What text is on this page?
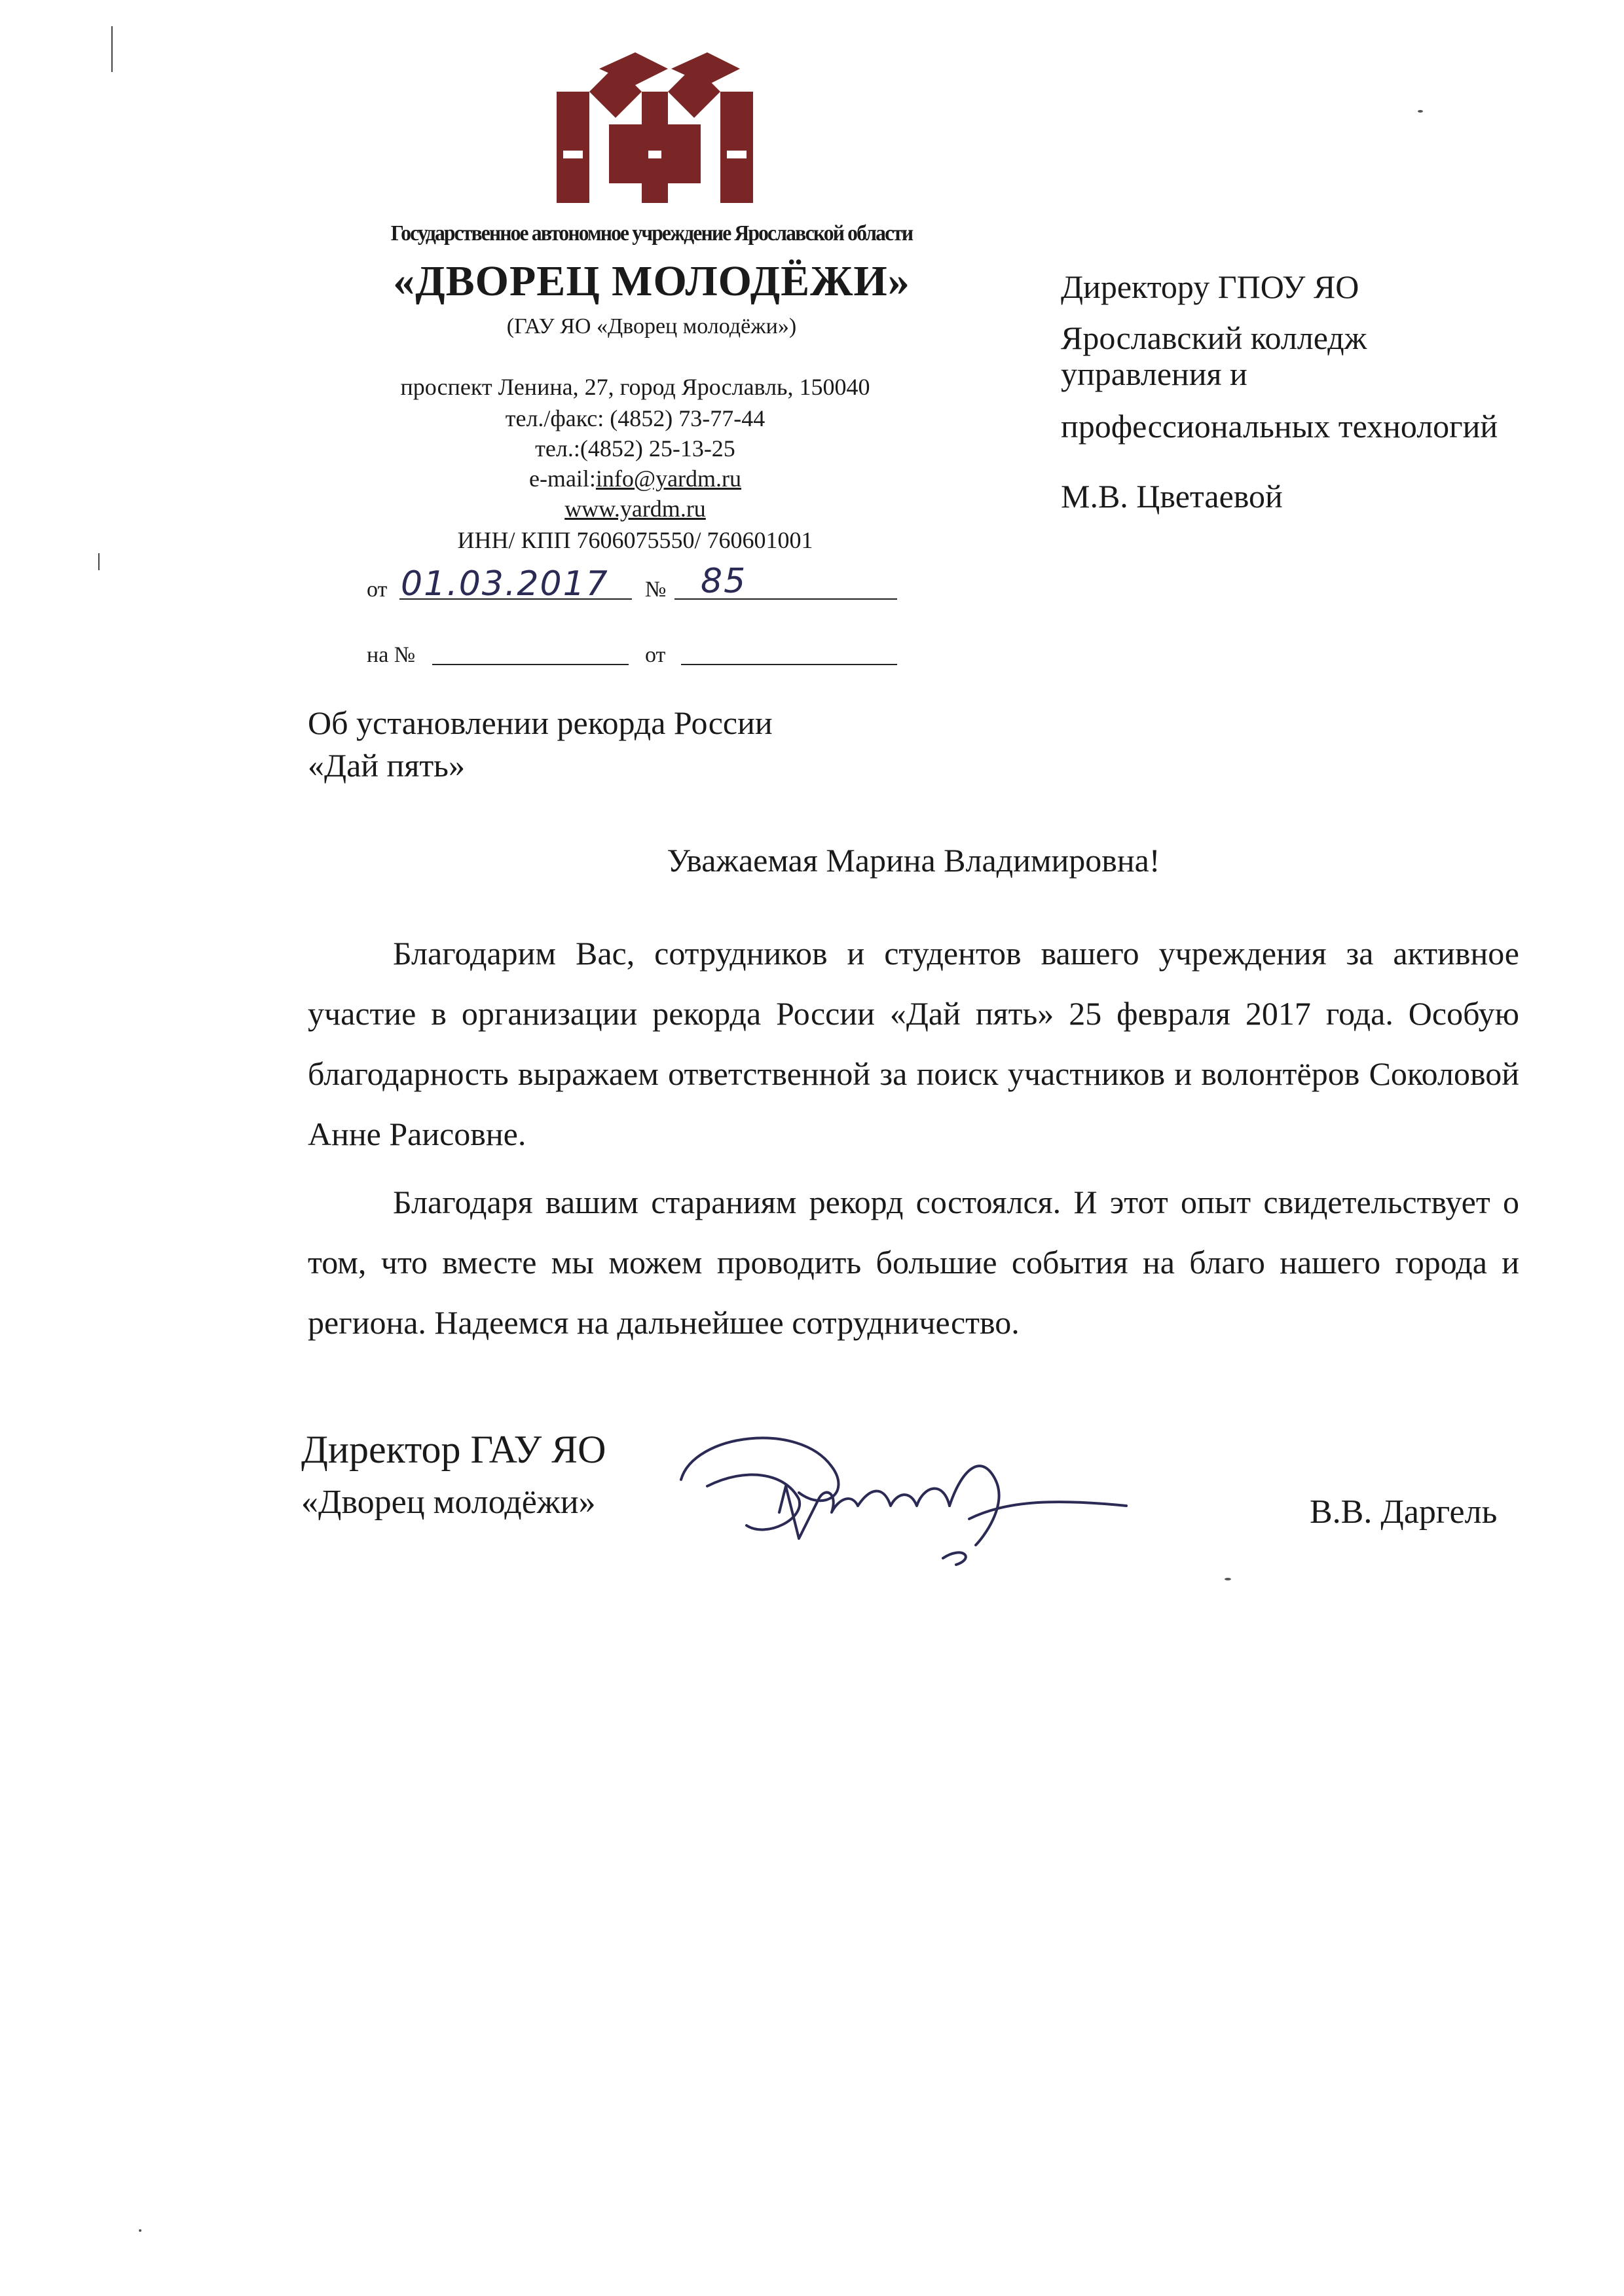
Государственное автономное учреждение Ярославской области
«ДВОРЕЦ МОЛОДЁЖИ»
(ГАУ ЯО «Дворец молодёжи»)
проспект Ленина, 27, город Ярославль, 150040
тел./факс: (4852) 73-77-44
тел.:(4852) 25-13-25
e-mail:info@yardm.ru
www.yardm.ru
ИНН/ КПП 7606075550/ 760601001
от 01.03.2017 № 85
на №	от
Директору ГПОУ ЯО
Ярославский колледж
управления и
профессиональных технологий
М.В. Цветаевой
Об установлении рекорда России
«Дай пять»
Уважаемая Марина Владимировна!
Благодарим Вас, сотрудников и студентов вашего учреждения за активное участие в организации рекорда России «Дай пять» 25 февраля 2017 года. Особую благодарность выражаем ответственной за поиск участников и волонтёров Соколовой Анне Раисовне.
Благодаря вашим стараниям рекорд состоялся. И этот опыт свидетельствует о том, что вместе мы можем проводить большие события на благо нашего города и региона. Надеемся на дальнейшее сотрудничество.
Директор ГАУ ЯО
«Дворец молодёжи»	В.В. Даргель
